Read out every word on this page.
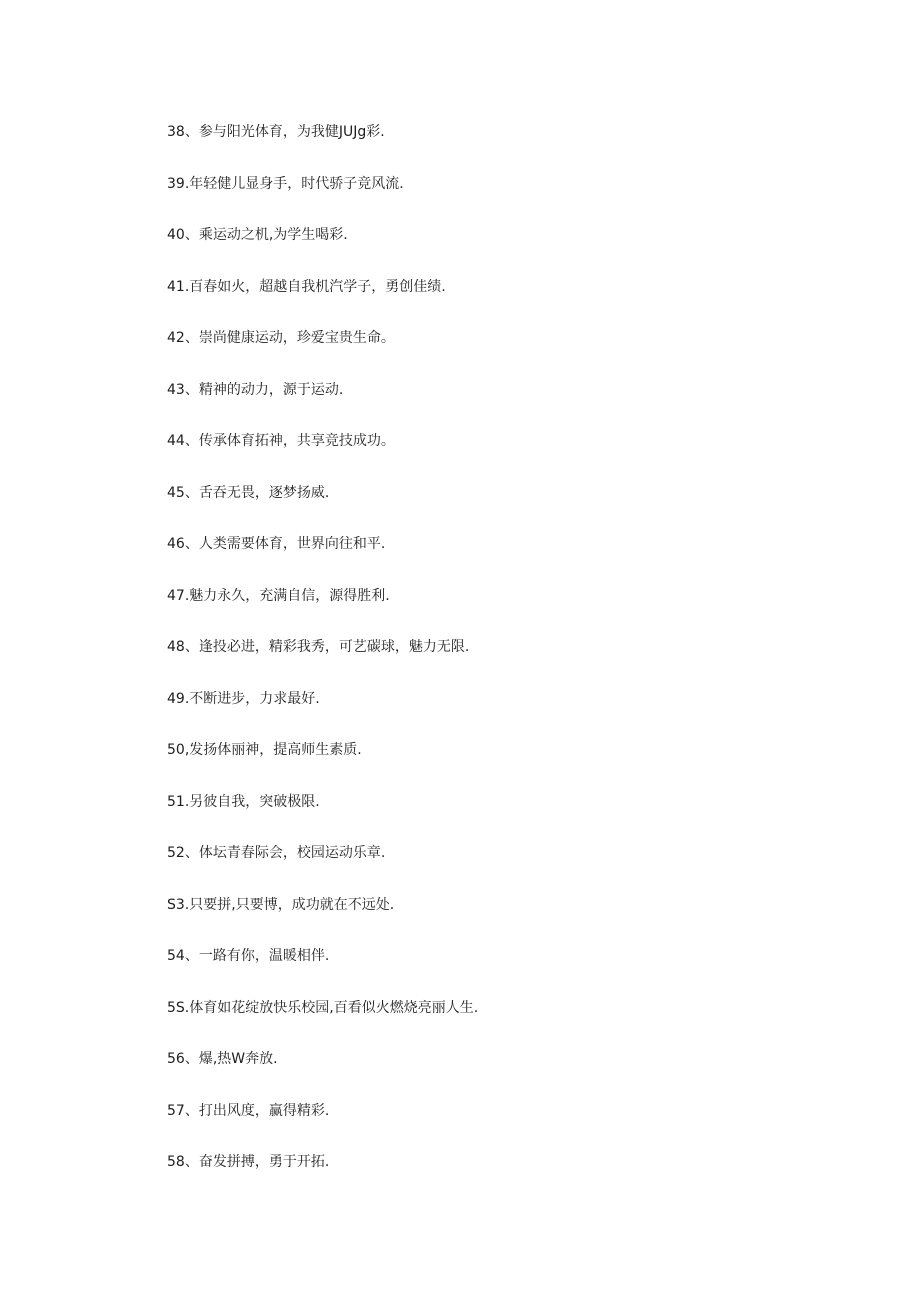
38、参与阳光体育，为我健JUJg彩.
39.年轻健儿显身手，时代骄子竞风流.
40、乘运动之机,为学生喝彩.
41.百春如火，超越自我机汽学子，勇创佳绩.
42、崇尚健康运动，珍爱宝贵生命。
43、精神的动力，源于运动.
44、传承体育拓神，共享竞技成功。
45、舌吞无畏，逐梦扬威.
46、人类需要体育，世界向往和平.
47.魅力永久，充满自信，源得胜利.
48、逢投必进，精彩我秀，可艺碳球，魅力无限.
49.不断进步，力求最好.
50,发扬体丽神，提高师生素质.
51.另彼自我，突破极限.
52、体坛青春际会，校园运动乐章.
S3.只要拼,只要博，成功就在不远处.
54、一路有你，温暖相伴.
5S.体育如花绽放快乐校园,百看似火燃烧亮丽人生.
56、爆,热W奔放.
57、打出风度，赢得精彩.
58、奋发拼搏，勇于开拓.
